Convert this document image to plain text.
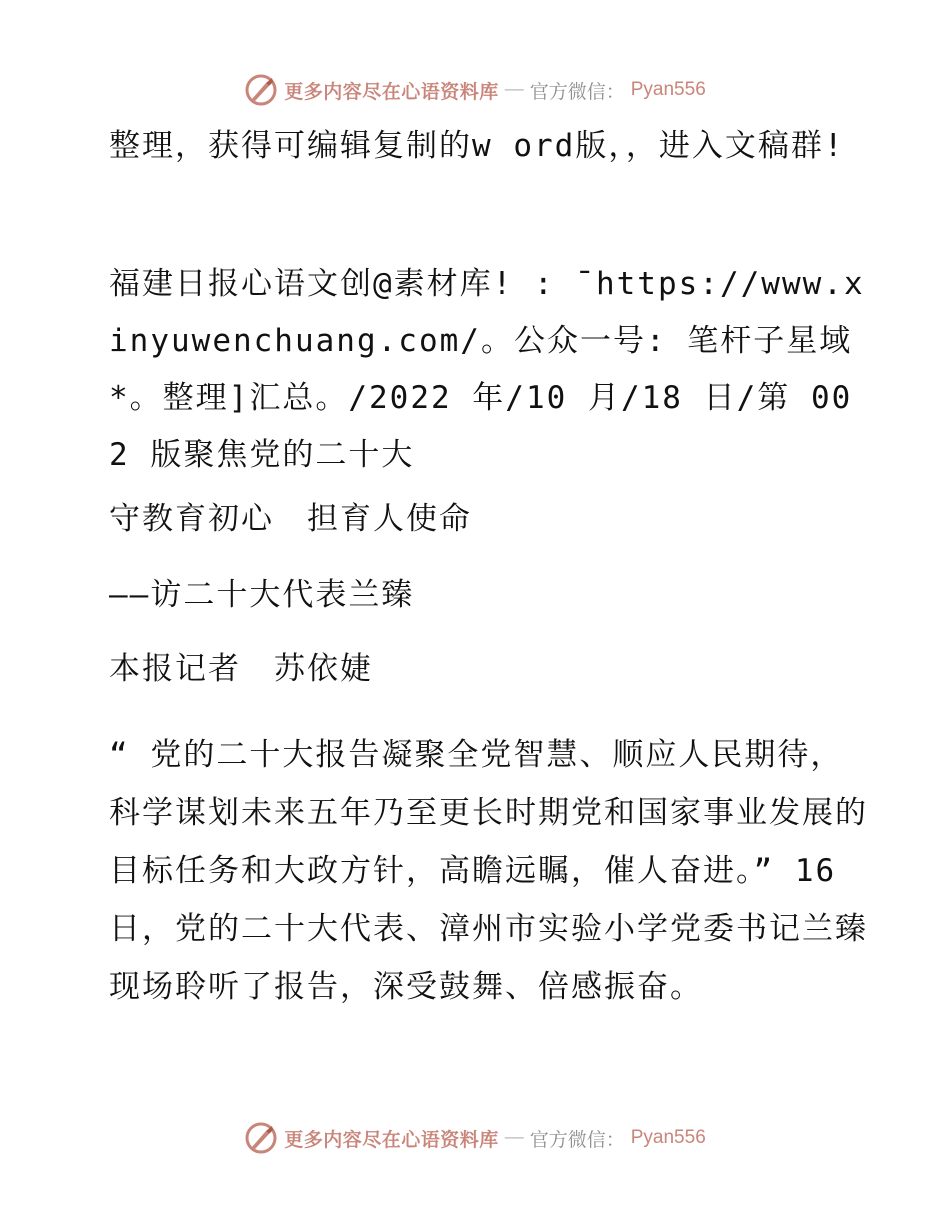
更多内容尽在心语资料库 — 官方微信： Pyan556

整理，获得可编辑复制的w ord版，，进入文稿群!

福建日报心语文创@素材库! : ¯https://www.xinyuwenchuang.com/。公众一号: 笔杆子星域*。整理]汇总。/2022 年/10 月/18 日/第 002 版聚焦党的二十大

守教育初心　担育人使命

——访二十大代表兰臻

本报记者　苏依婕

“ 党的二十大报告凝聚全党智慧、顺应人民期待，科学谋划未来五年乃至更长时期党和国家事业发展的目标任务和大政方针，高瞻远瞩，催人奋进。” 16 日，党的二十大代表、漳州市实验小学党委书记兰臻现场聆听了报告，深受鼓舞、倍感振奋。

更多内容尽在心语资料库 — 官方微信： Pyan556
